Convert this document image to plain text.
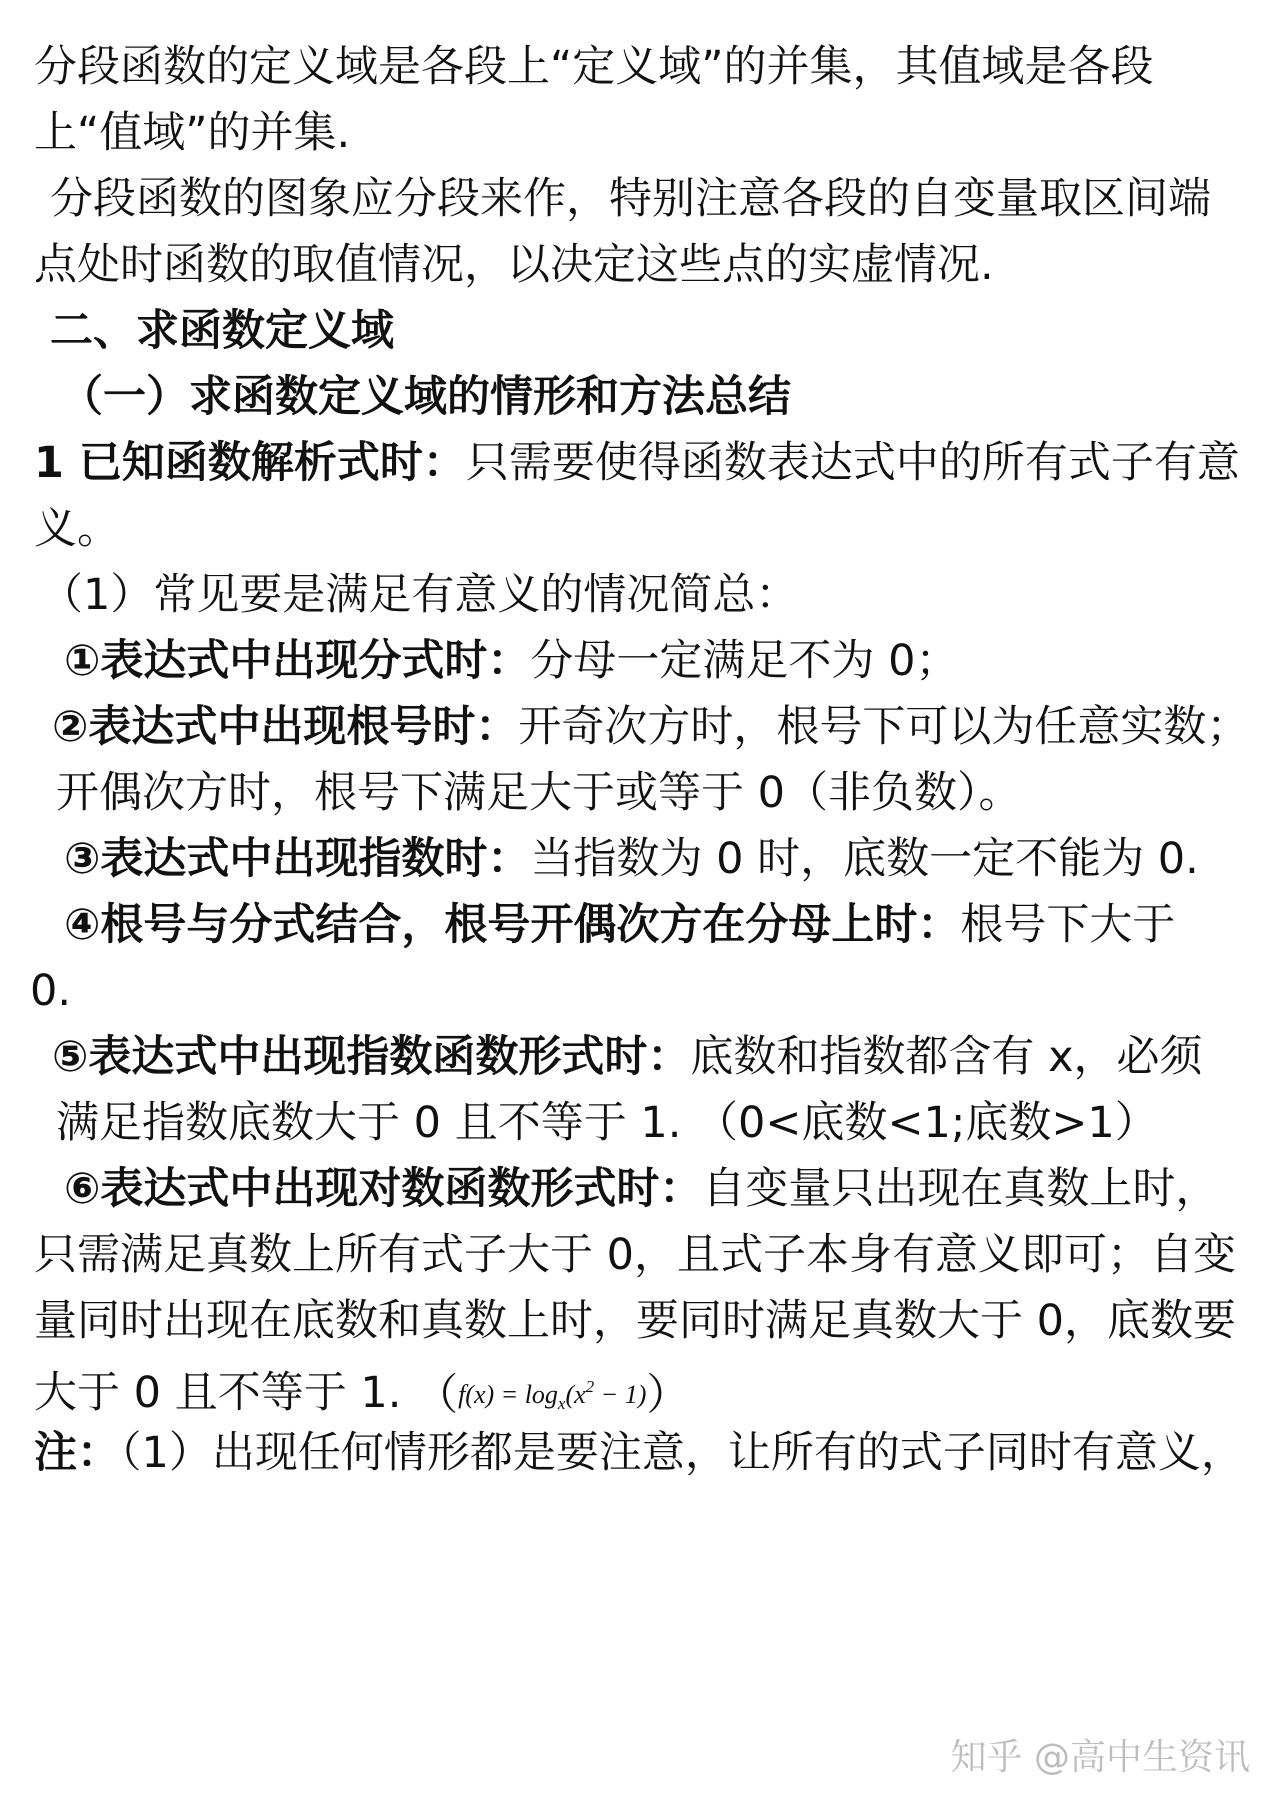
分段函数的定义域是各段上“定义域”的并集，其值域是各段
上“值域”的并集.
分段函数的图象应分段来作，特别注意各段的自变量取区间端
点处时函数的取值情况，以决定这些点的实虚情况.
二、求函数定义域
（一）求函数定义域的情形和方法总结
1 已知函数解析式时：只需要使得函数表达式中的所有式子有意
义。
（1）常见要是满足有意义的情况简总：
①表达式中出现分式时：分母一定满足不为 0；
②表达式中出现根号时：开奇次方时，根号下可以为任意实数；
开偶次方时，根号下满足大于或等于 0（非负数）。
③表达式中出现指数时：当指数为 0 时，底数一定不能为 0.
④根号与分式结合，根号开偶次方在分母上时：根号下大于
0.
⑤表达式中出现指数函数形式时：底数和指数都含有 x，必须
满足指数底数大于 0 且不等于 1. （0<底数<1;底数>1）
⑥表达式中出现对数函数形式时：自变量只出现在真数上时，
只需满足真数上所有式子大于 0，且式子本身有意义即可；自变
量同时出现在底数和真数上时，要同时满足真数大于 0，底数要
大于 0 且不等于 1. $(f(x) = \log_x(x^2 - 1))$
注：（1）出现任何情形都是要注意，让所有的式子同时有意义，
知乎 @高中生资讯
